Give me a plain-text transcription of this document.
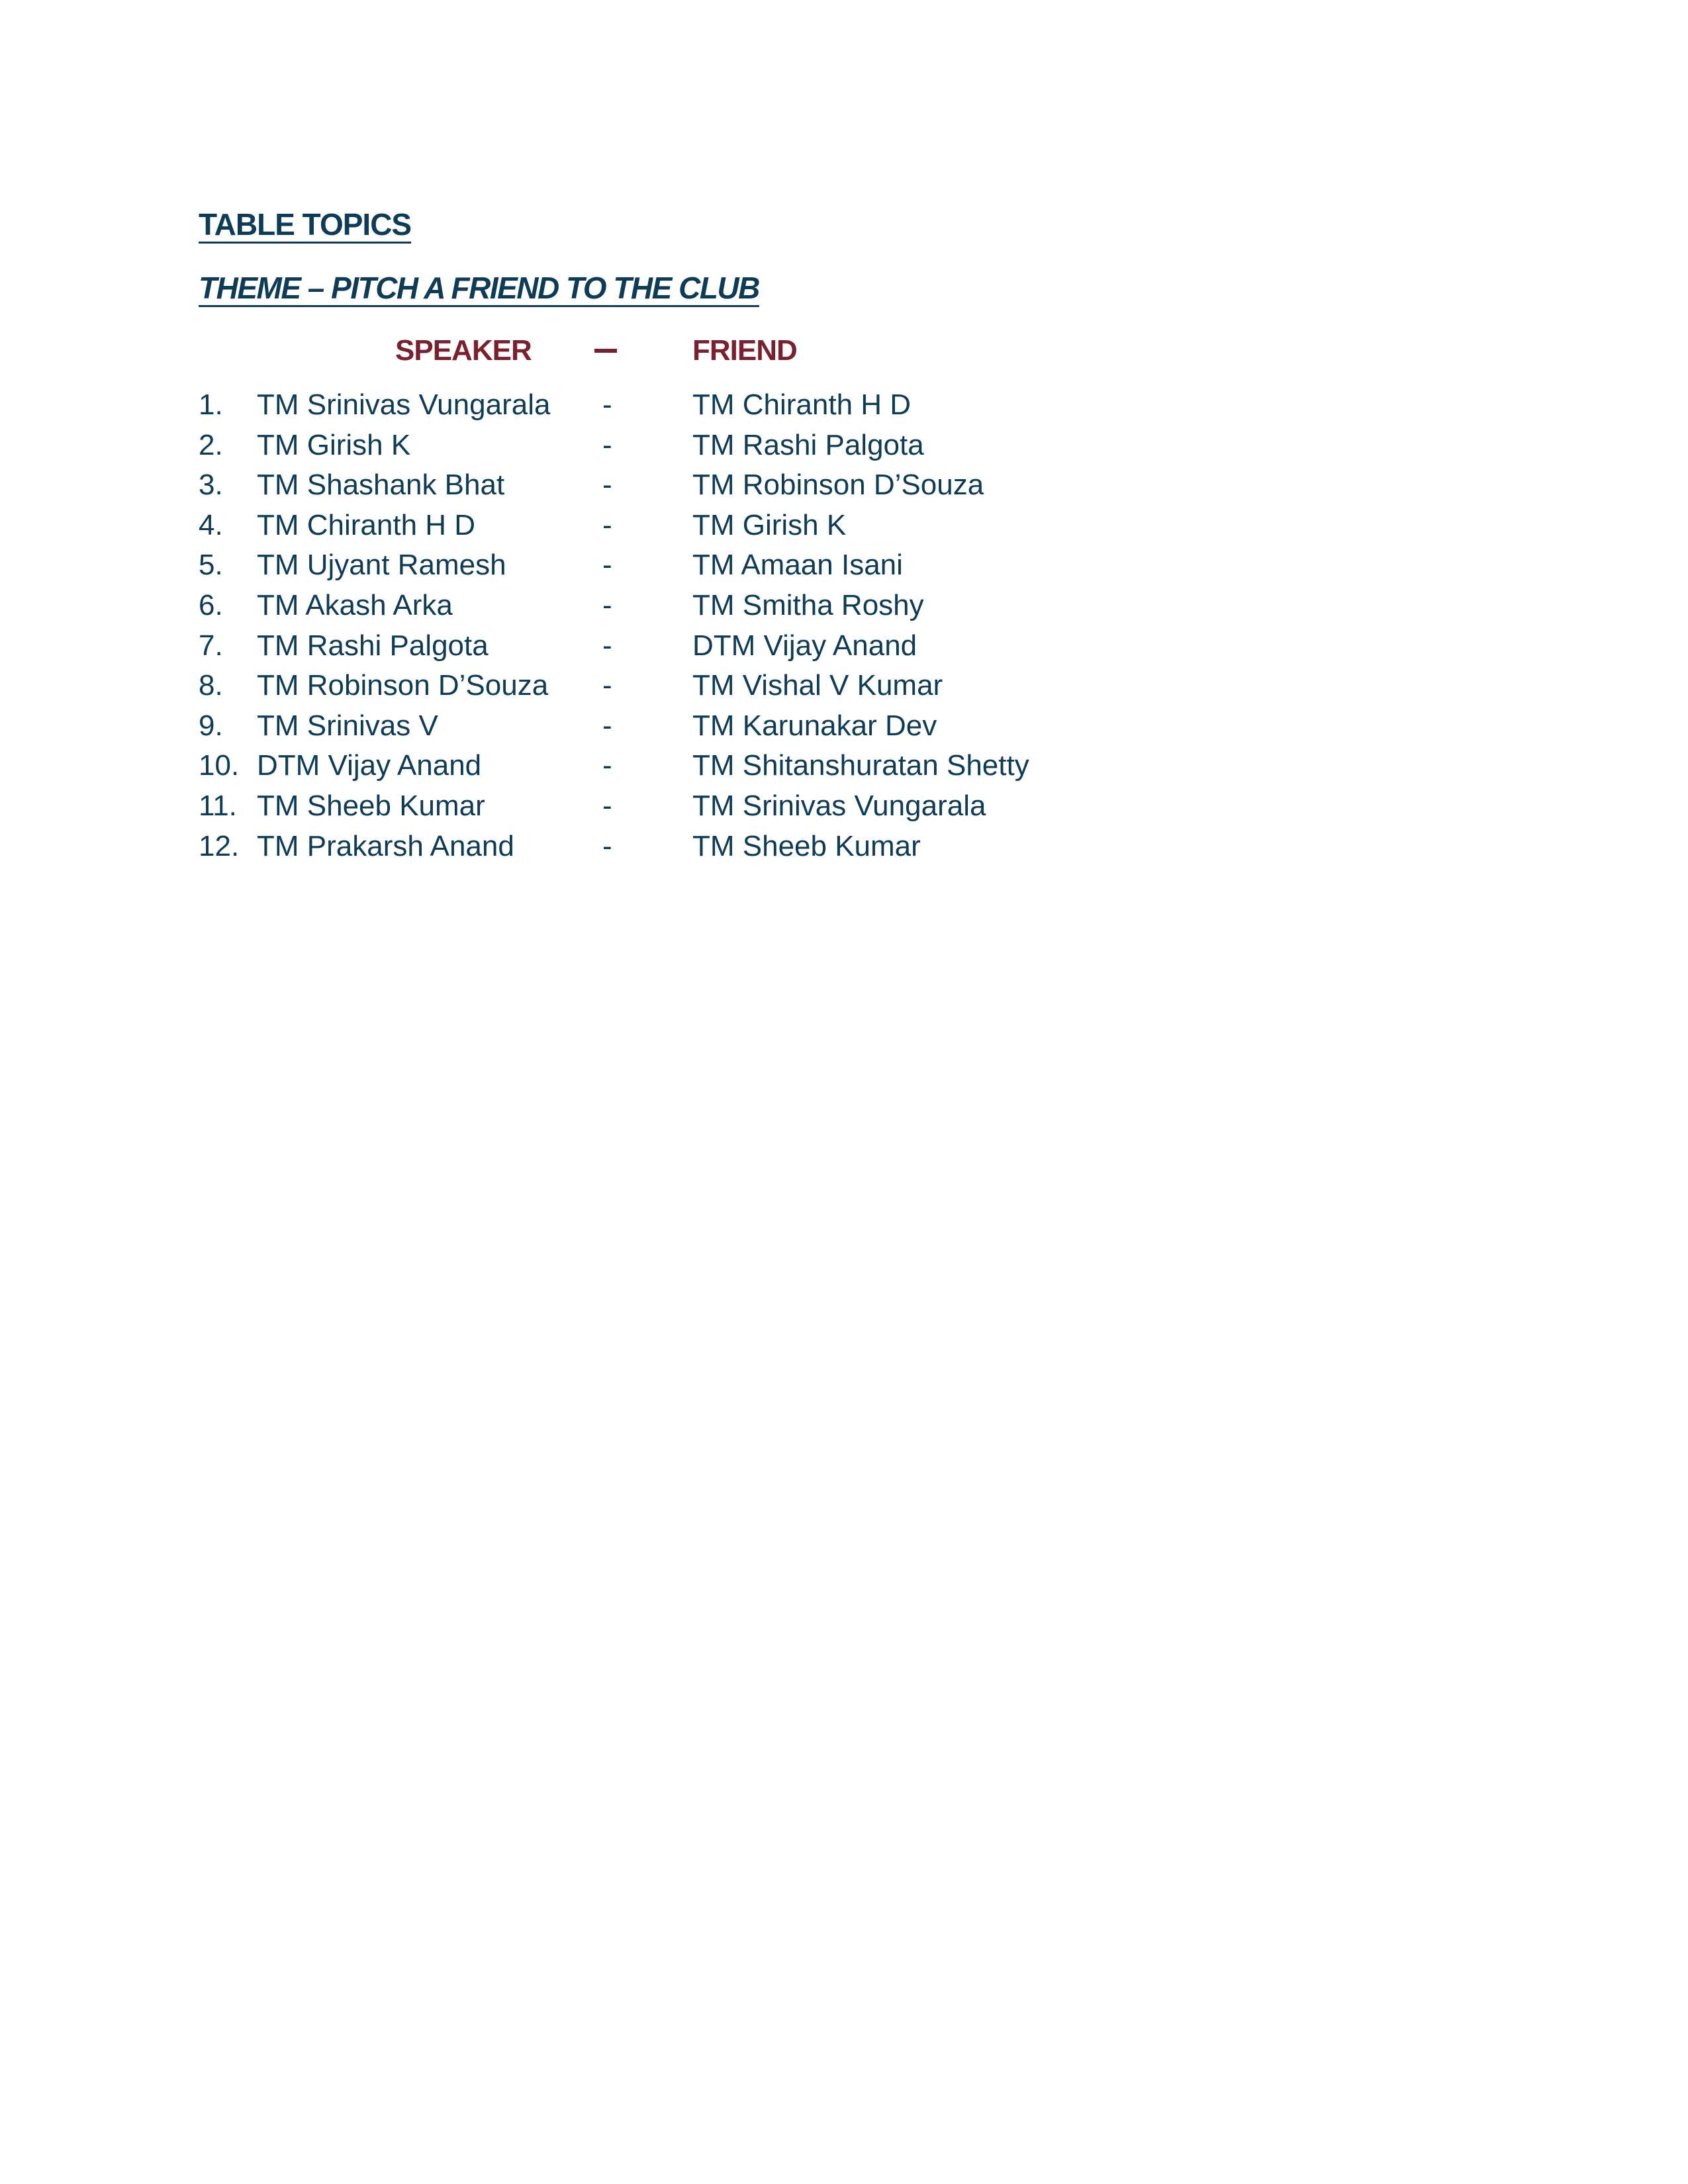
TABLE TOPICS
THEME – PITCH A FRIEND TO THE CLUB
SPEAKER	FRIEND
1. TM Srinivas Vungarala -	TM Chiranth H D
2. TM Girish K	-	TM Rashi Palgota
3. TM Shashank Bhat	-	TM Robinson D’Souza
4. TM Chiranth H D	-	TM Girish K
5. TM Ujyant Ramesh	-	TM Amaan Isani
6. TM Akash Arka	-	TM Smitha Roshy
7. TM Rashi Palgota	-	DTM Vijay Anand
8. TM Robinson D’Souza -	TM Vishal V Kumar
9. TM Srinivas V	-	TM Karunakar Dev
10. DTM Vijay Anand	-	TM Shitanshuratan Shetty
11. TM Sheeb Kumar	-	TM Srinivas Vungarala
12. TM Prakarsh Anand	-	TM Sheeb Kumar
